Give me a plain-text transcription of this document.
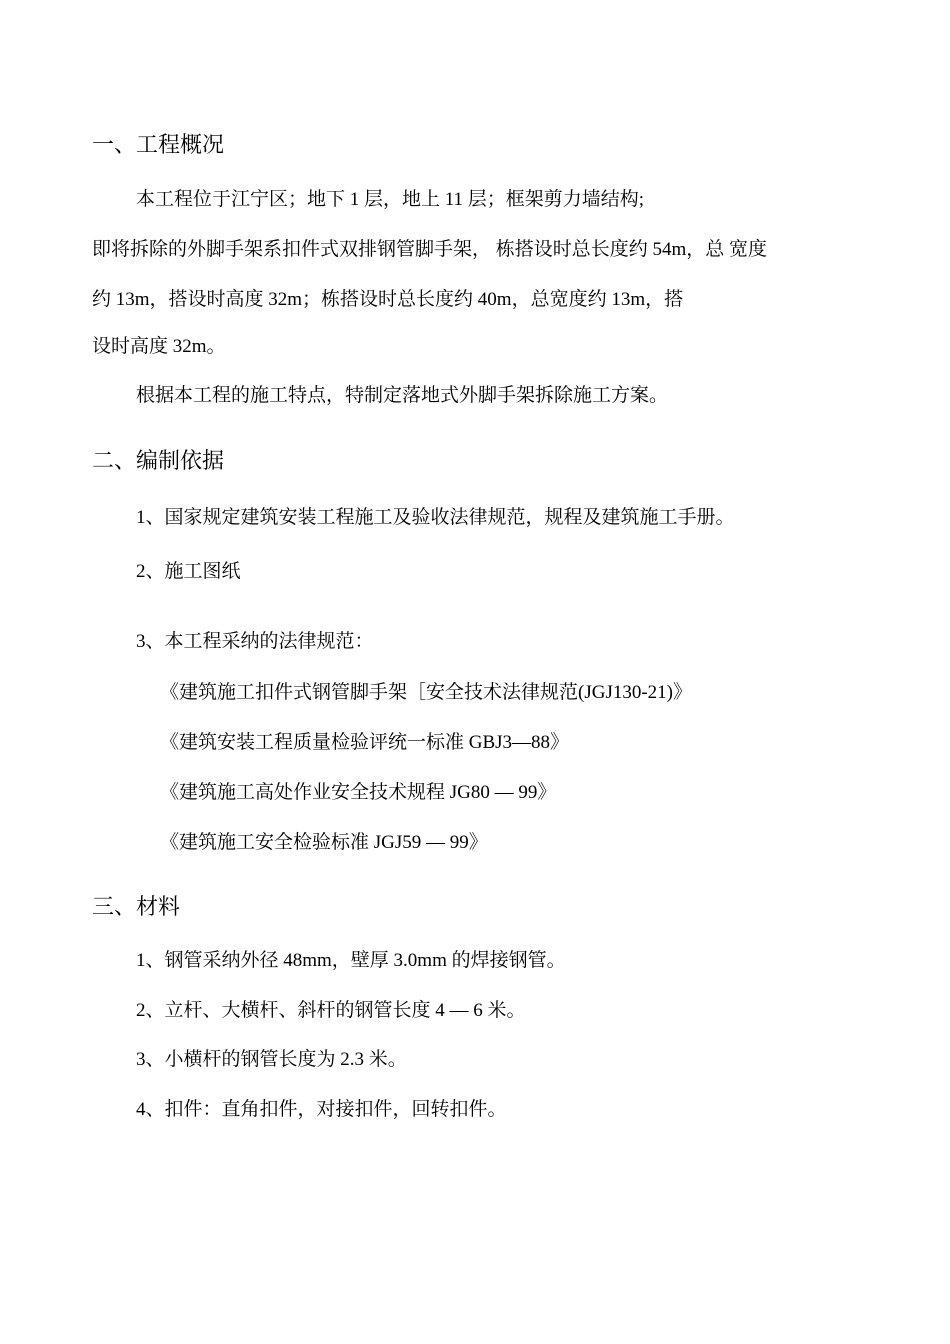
一、工程概况
本工程位于江宁区；地下 1 层，地上 11 层；框架剪力墙结构;
即将拆除的外脚手架系扣件式双排钢管脚手架， 栋搭设时总长度约 54m，总 宽度
约 13m，搭设时高度 32m；栋搭设时总长度约 40m，总宽度约 13m，搭
设时高度 32m。
根据本工程的施工特点，特制定落地式外脚手架拆除施工方案。
二、编制依据
1、国家规定建筑安装工程施工及验收法律规范，规程及建筑施工手册。
2、施工图纸
3、本工程采纳的法律规范：
《建筑施工扣件式钢管脚手架［安全技术法律规范(JGJ130-21)》
《建筑安装工程质量检验评统一标准 GBJ3—88》
《建筑施工高处作业安全技术规程 JG80 — 99》
《建筑施工安全检验标准 JGJ59 — 99》
三、材料
1、钢管采纳外径 48mm，壁厚 3.0mm 的焊接钢管。
2、立杆、大横杆、斜杆的钢管长度 4 — 6 米。
3、小横杆的钢管长度为 2.3 米。
4、扣件：直角扣件，对接扣件，回转扣件。
